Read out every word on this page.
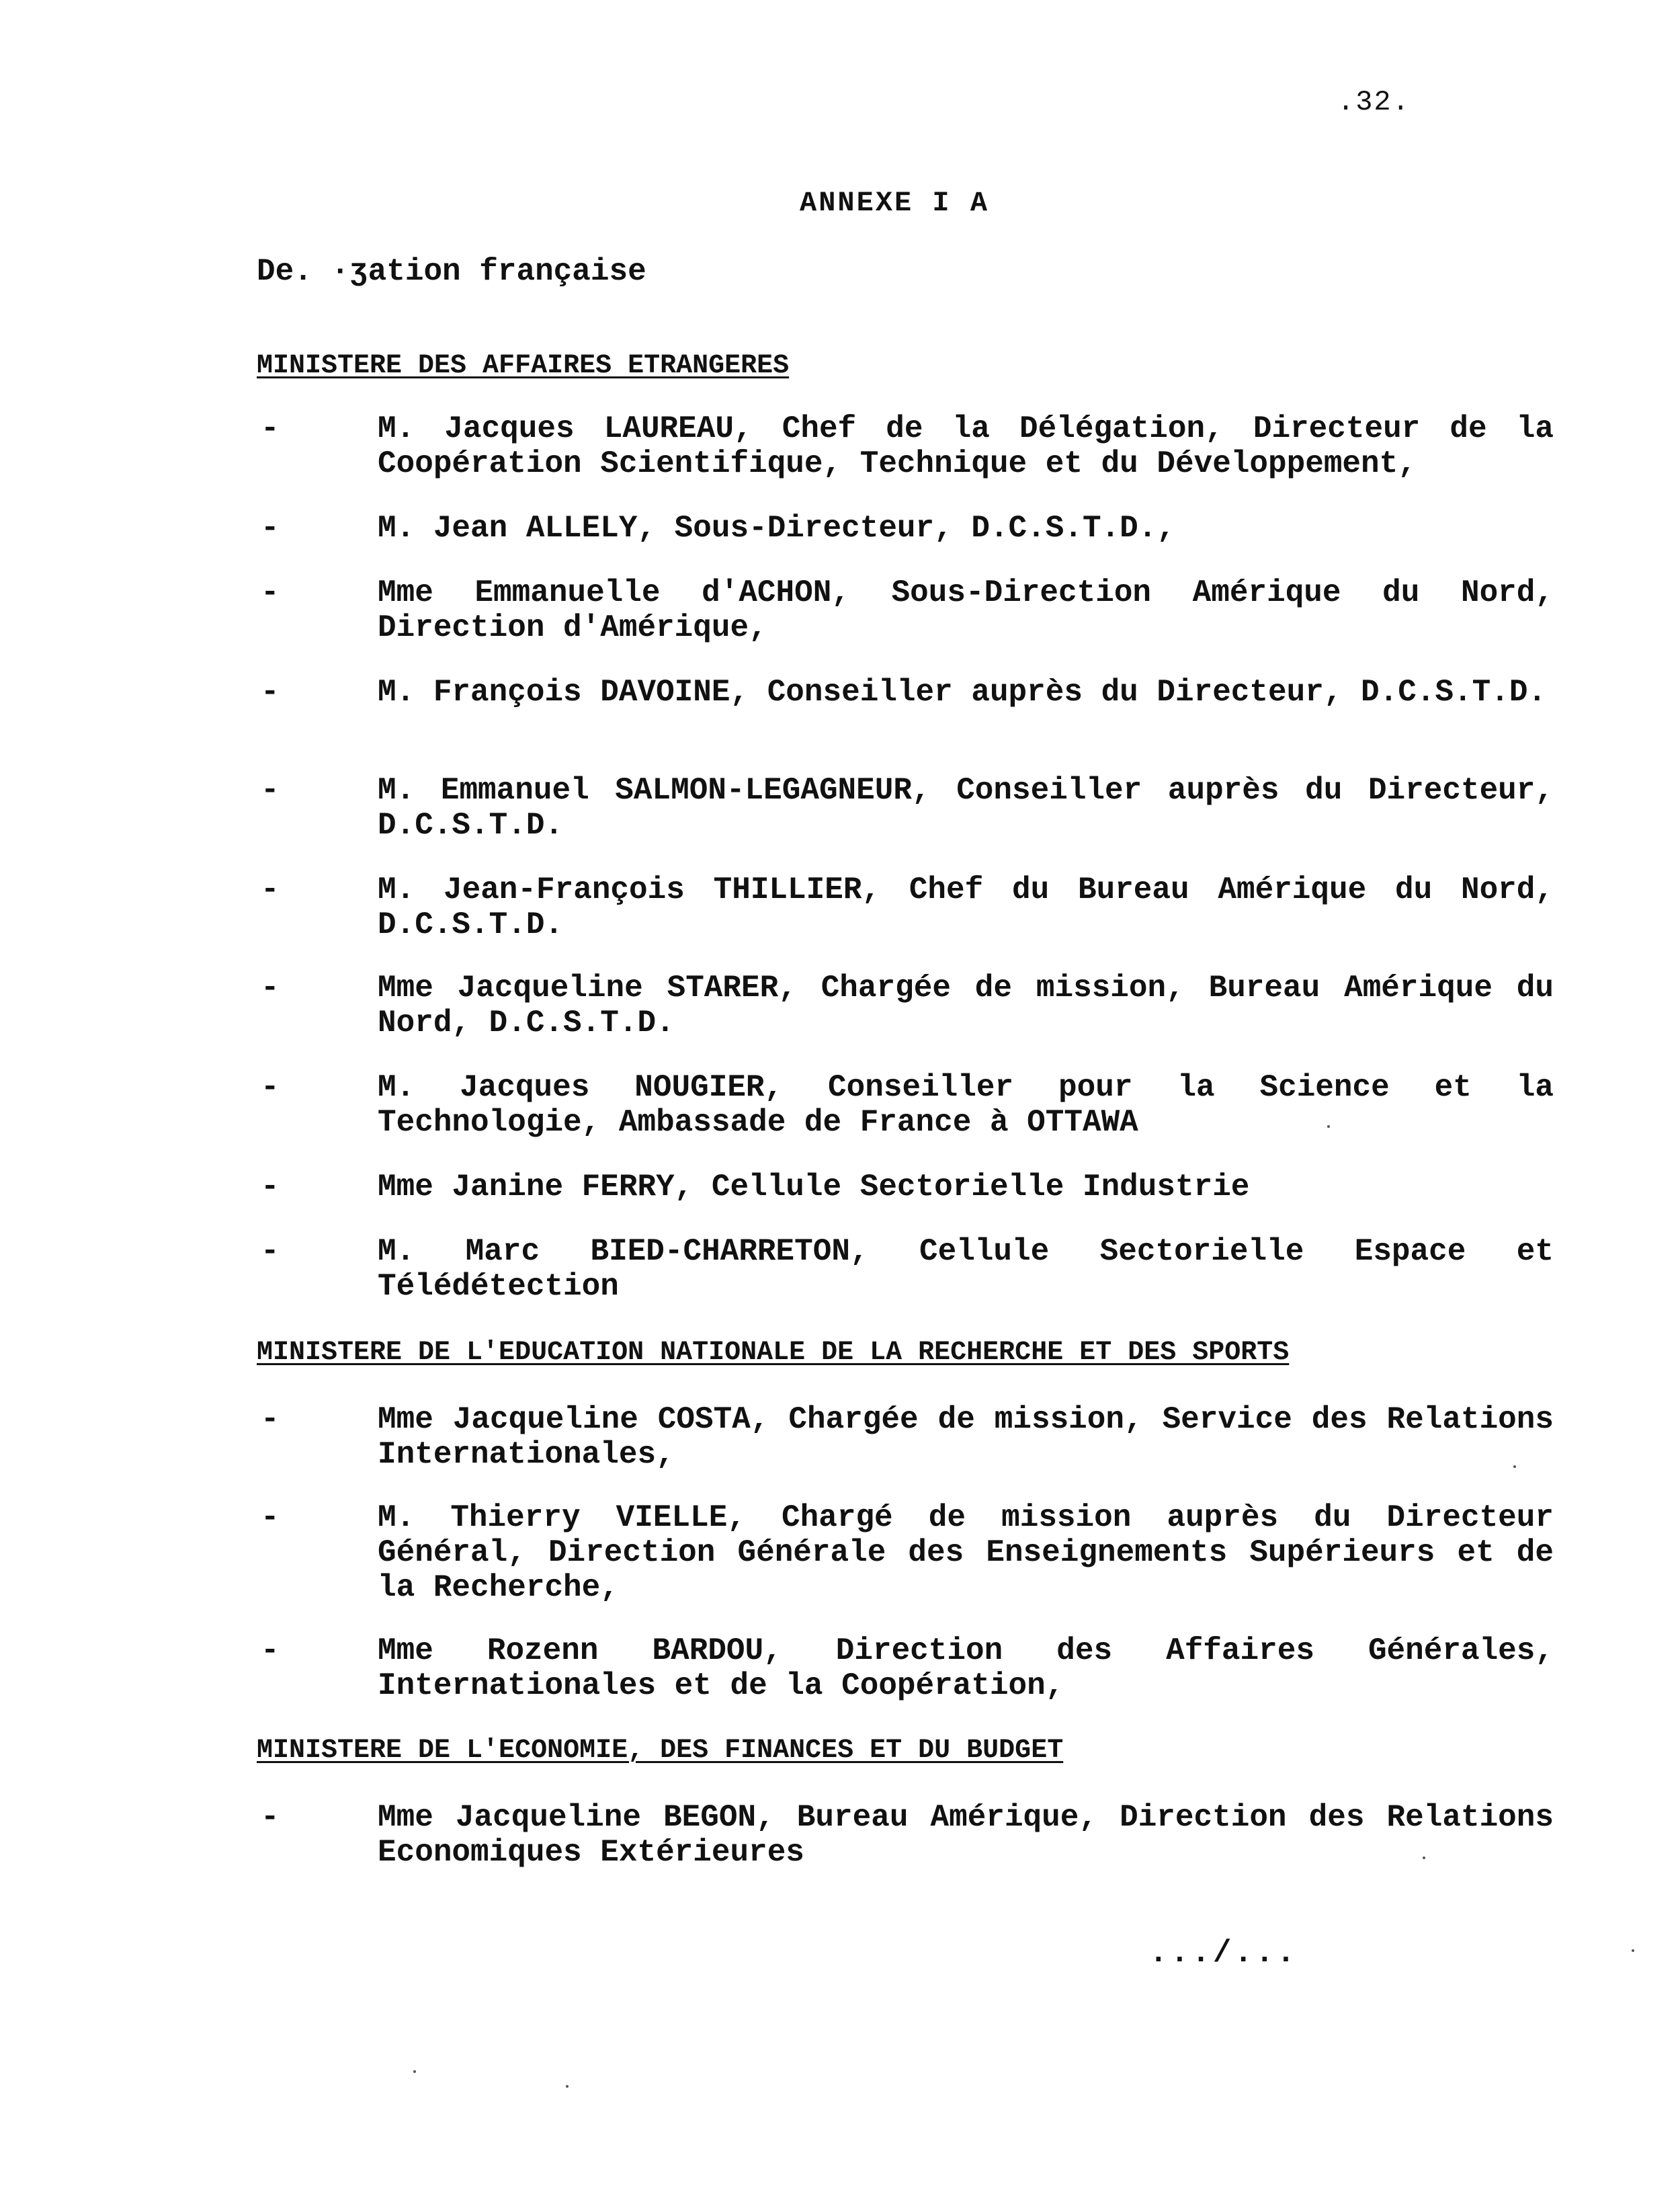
.32.
ANNEXE I A
De. ·ʒation française
MINISTERE DES AFFAIRES ETRANGERES
-	M. Jacques LAUREAU, Chef de la Délégation, Directeur de la Coopération Scientifique, Technique et du Développement,
-	M. Jean ALLELY, Sous-Directeur, D.C.S.T.D.,
-	Mme Emmanuelle d'ACHON, Sous-Direction Amérique du Nord, Direction d'Amérique,
-	M. François DAVOINE, Conseiller auprès du Directeur, D.C.S.T.D.
-	M. Emmanuel SALMON-LEGAGNEUR, Conseiller auprès du Directeur, D.C.S.T.D.
-	M. Jean-François THILLIER, Chef du Bureau Amérique du Nord, D.C.S.T.D.
-	Mme Jacqueline STARER, Chargée de mission, Bureau Amérique du Nord, D.C.S.T.D.
-	M. Jacques NOUGIER, Conseiller pour la Science et la Technologie, Ambassade de France à OTTAWA
-	Mme Janine FERRY, Cellule Sectorielle Industrie
-	M. Marc BIED-CHARRETON, Cellule Sectorielle Espace et Télédétection
MINISTERE DE L'EDUCATION NATIONALE DE LA RECHERCHE ET DES SPORTS
-	Mme Jacqueline COSTA, Chargée de mission, Service des Relations Internationales,
-	M. Thierry VIELLE, Chargé de mission auprès du Directeur Général, Direction Générale des Enseignements Supérieurs et de la Recherche,
-	Mme Rozenn BARDOU, Direction des Affaires Générales, Internationales et de la Coopération,
MINISTERE DE L'ECONOMIE, DES FINANCES ET DU BUDGET
-	Mme Jacqueline BEGON, Bureau Amérique, Direction des Relations Economiques Extérieures
.../...
